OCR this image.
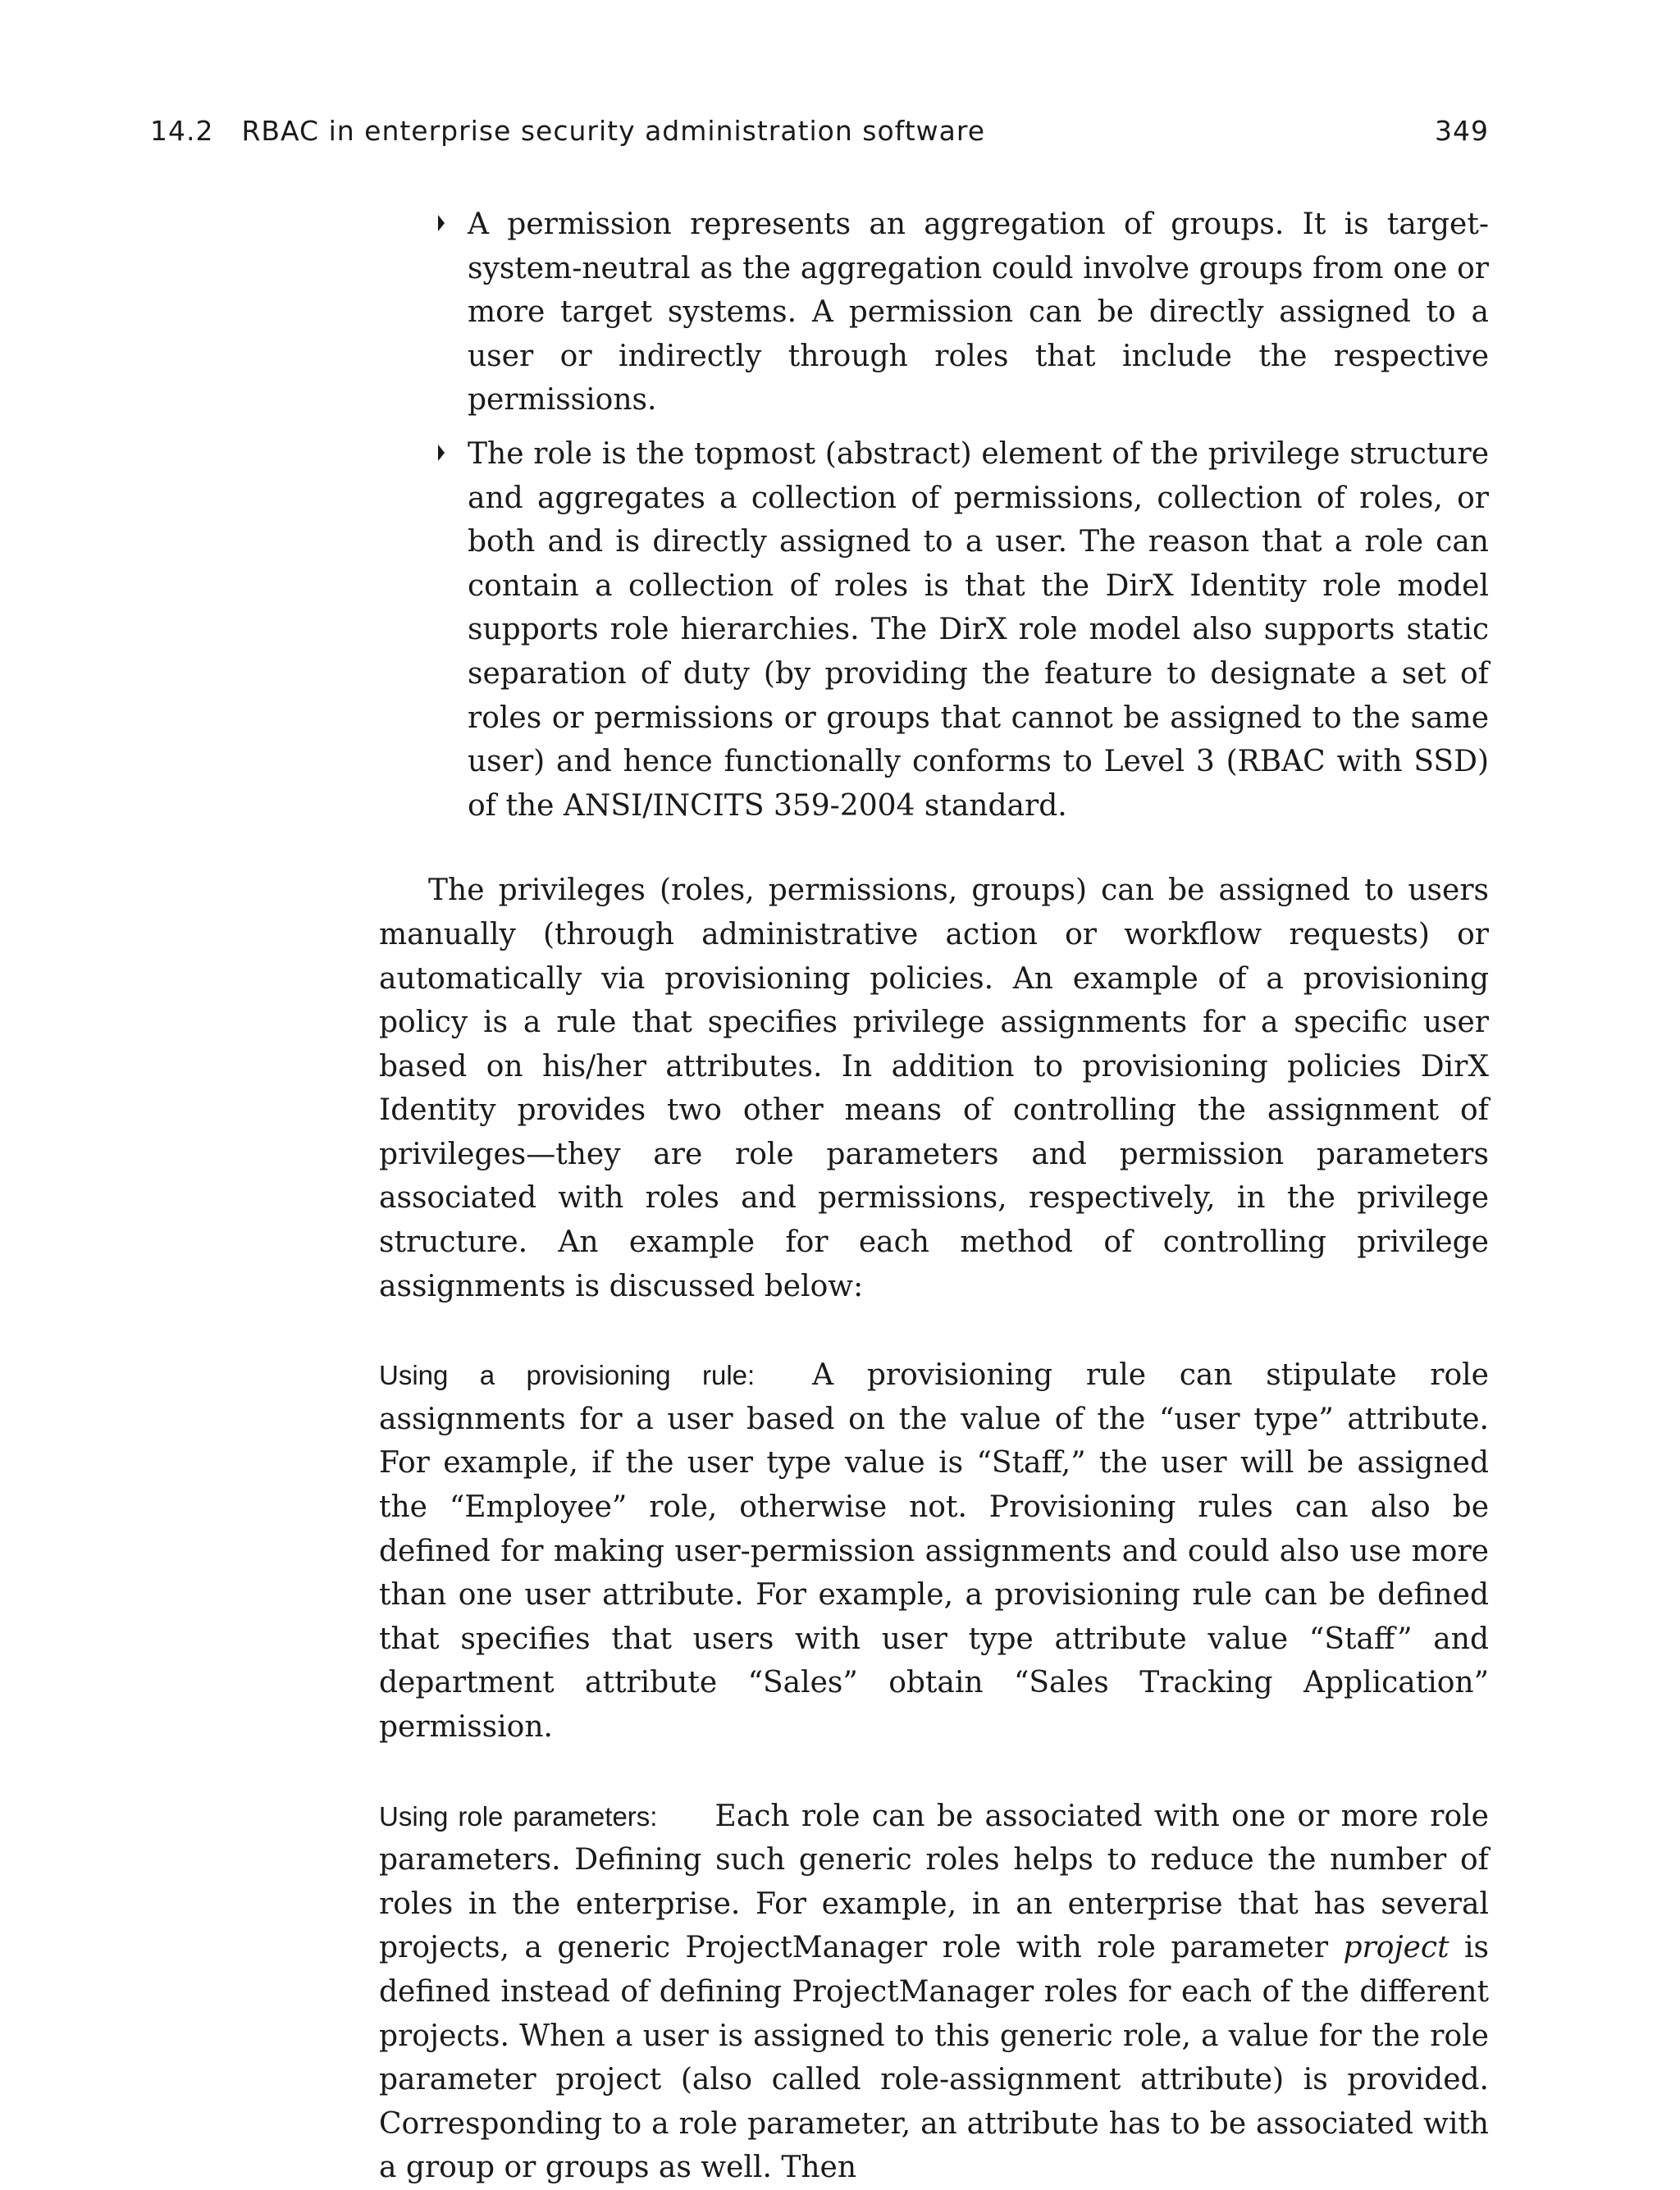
14.2 RBAC in enterprise security administration software	349
A permission represents an aggregation of groups. It is target-system-neutral as the aggregation could involve groups from one or more target systems. A permission can be directly assigned to a user or indirectly through roles that include the respective permissions.
The role is the topmost (abstract) element of the privilege structure and aggregates a collection of permissions, collection of roles, or both and is directly assigned to a user. The reason that a role can contain a collection of roles is that the DirX Identity role model supports role hierarchies. The DirX role model also supports static separation of duty (by providing the feature to designate a set of roles or permissions or groups that cannot be assigned to the same user) and hence functionally conforms to Level 3 (RBAC with SSD) of the ANSI/INCITS 359-2004 standard.

The privileges (roles, permissions, groups) can be assigned to users manually (through administrative action or workflow requests) or automatically via provisioning policies. An example of a provisioning policy is a rule that specifies privilege assignments for a specific user based on his/her attributes. In addition to provisioning policies DirX Identity provides two other means of controlling the assignment of privileges—they are role parameters and permission parameters associated with roles and permissions, respectively, in the privilege structure. An example for each method of controlling privilege assignments is discussed below:

Using a provisioning rule: A provisioning rule can stipulate role assignments for a user based on the value of the “user type” attribute. For example, if the user type value is “Staff,” the user will be assigned the “Employee” role, otherwise not. Provisioning rules can also be defined for making user-permission assignments and could also use more than one user attribute. For example, a provisioning rule can be defined that specifies that users with user type attribute value “Staff” and department attribute “Sales” obtain “Sales Tracking Application” permission.

Using role parameters: Each role can be associated with one or more role parameters. Defining such generic roles helps to reduce the number of roles in the enterprise. For example, in an enterprise that has several projects, a generic ProjectManager role with role parameter project is defined instead of defining ProjectManager roles for each of the different projects. When a user is assigned to this generic role, a value for the role parameter project (also called role-assignment attribute) is provided. Corresponding to a role parameter, an attribute has to be associated with a group or groups as well. Then
